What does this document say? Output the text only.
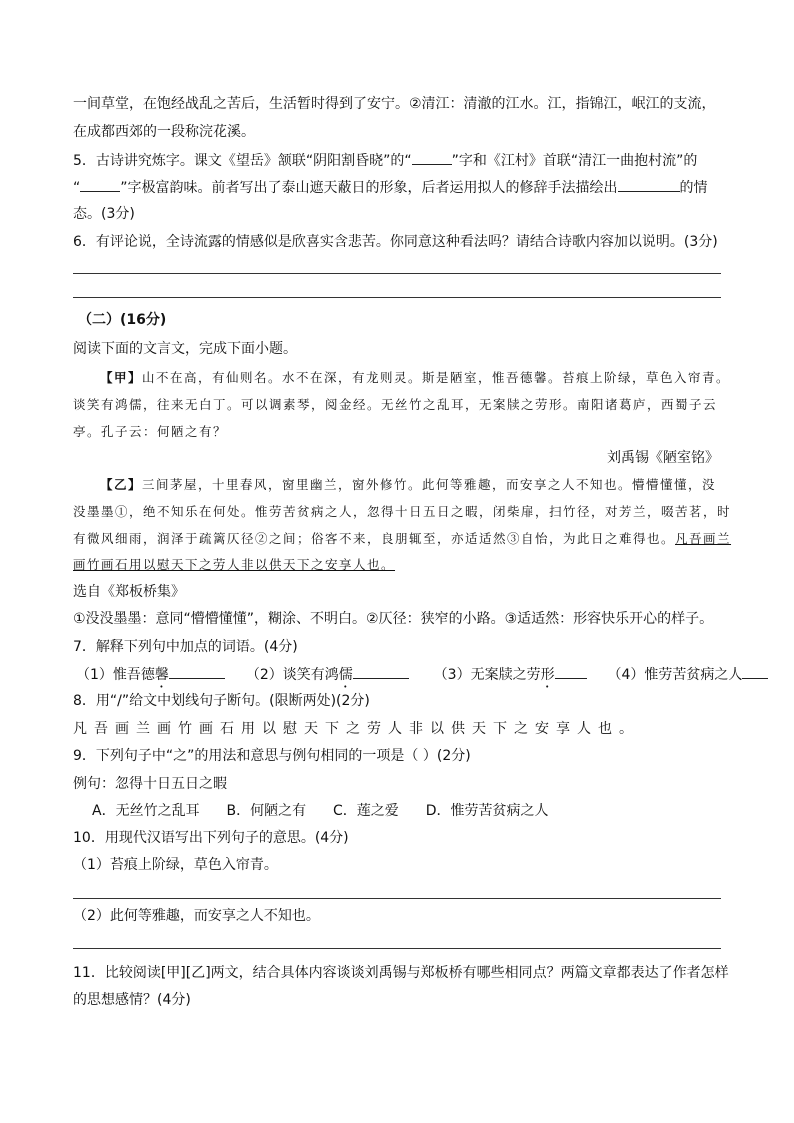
一间草堂，在饱经战乱之苦后，生活暂时得到了安宁。②清江：清澈的江水。江，指锦江，岷江的支流，
在成都西郊的一段称浣花溪。
5．古诗讲究炼字。课文《望岳》颔联“阴阳割昏晓”的“	”字和《江村》首联“清江一曲抱村流”的
“	”字极富韵味。前者写出了泰山遮天蔽日的形象，后者运用拟人的修辞手法描绘出	的情
态。(3分)
6．有评论说，全诗流露的情感似是欣喜实含悲苦。你同意这种看法吗？请结合诗歌内容加以说明。(3分)
（二）(16分)
阅读下面的文言文，完成下面小题。
【甲】山不在高，有仙则名。水不在深，有龙则灵。斯是陋室，惟吾德馨。苔痕上阶绿，草色入帘青。
谈笑有鸿儒，往来无白丁。可以调素琴，阅金经。无丝竹之乱耳，无案牍之劳形。南阳诸葛庐，西蜀子云
亭。孔子云：何陋之有？
刘禹锡《陋室铭》
【乙】三间茅屋，十里春风，窗里幽兰，窗外修竹。此何等雅趣，而安享之人不知也。懵懵懂懂，没
没墨墨①，绝不知乐在何处。惟劳苦贫病之人，忽得十日五日之暇，闭柴扉，扫竹径，对芳兰，啜苦茗，时
有微风细雨，润泽于疏篱仄径②之间；俗客不来，良朋辄至，亦适适然③自怡，为此日之难得也。凡吾画兰
画竹画石用以慰天下之劳人非以供天下之安享人也。
选自《郑板桥集》
①没没墨墨：意同“懵懵懂懂”，糊涂、不明白。②仄径：狭窄的小路。③适适然：形容快乐开心的样子。
7．解释下列句中加点的词语。(4分)
（1）惟吾德馨	（2）谈笑有鸿儒	（3）无案牍之劳形	（4）惟劳苦贫病之人
8．用“/”给文中划线句子断句。(限断两处)(2分)
凡吾画兰画竹画石用以慰天下之劳人非以供天下之安享人也。
9．下列句子中“之”的用法和意思与例句相同的一项是（ ）(2分)
例句：忽得十日五日之暇
A．无丝竹之乱耳 B．何陋之有 C．莲之爱 D．惟劳苦贫病之人
10．用现代汉语写出下列句子的意思。(4分)
（1）苔痕上阶绿，草色入帘青。
（2）此何等雅趣，而安享之人不知也。
11．比较阅读[甲][乙]两文，结合具体内容谈谈刘禹锡与郑板桥有哪些相同点？两篇文章都表达了作者怎样
的思想感情？(4分)
